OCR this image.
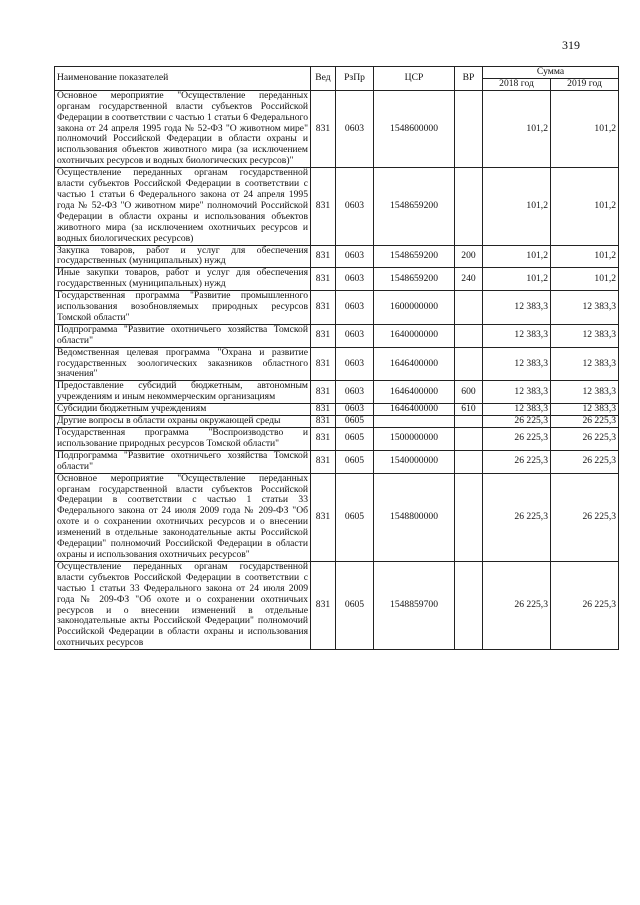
319
Наименование показателей	Вед	РзПр	ЦСР	ВР	Сумма	
					2018 год	2019 год
Основное мероприятие "Осуществление переданных органам государственной власти субъектов Российской Федерации в соответствии с частью 1 статьи 6 Федерального закона от 24 апреля 1995 года № 52-ФЗ "О животном мире" полномочий Российской Федерации в области охраны и использования объектов животного мира (за исключением охотничьих ресурсов и водных биологических ресурсов)"	831	0603	1548600000		101,2	101,2
Осуществление переданных органам государственной власти субъектов Российской Федерации в соответствии с частью 1 статьи 6 Федерального закона от 24 апреля 1995 года № 52-ФЗ "О животном мире" полномочий Российской Федерации в области охраны и использования объектов животного мира (за исключением охотничьих ресурсов и водных биологических ресурсов)	831	0603	1548659200		101,2	101,2
Закупка товаров, работ и услуг для обеспечения государственных (муниципальных) нужд	831	0603	1548659200	200	101,2	101,2
Иные закупки товаров, работ и услуг для обеспечения государственных (муниципальных) нужд	831	0603	1548659200	240	101,2	101,2
Государственная программа "Развитие промышленного использования возобновляемых природных ресурсов Томской области"	831	0603	1600000000		12 383,3	12 383,3
Подпрограмма "Развитие охотничьего хозяйства Томской области"	831	0603	1640000000		12 383,3	12 383,3
Ведомственная целевая программа "Охрана и развитие государственных зоологических заказников областного значения"	831	0603	1646400000		12 383,3	12 383,3
Предоставление субсидий бюджетным, автономным учреждениям и иным некоммерческим организациям	831	0603	1646400000	600	12 383,3	12 383,3
Субсидии бюджетным учреждениям	831	0603	1646400000	610	12 383,3	12 383,3
Другие вопросы в области охраны окружающей среды	831	0605			26 225,3	26 225,3
Государственная программа "Воспроизводство и использование природных ресурсов Томской области"	831	0605	1500000000		26 225,3	26 225,3
Подпрограмма "Развитие охотничьего хозяйства Томской области"	831	0605	1540000000		26 225,3	26 225,3
Основное мероприятие "Осуществление переданных органам государственной власти субъектов Российской Федерации в соответствии с частью 1 статьи 33 Федерального закона от 24 июля 2009 года № 209-ФЗ "Об охоте и о сохранении охотничьих ресурсов и о внесении изменений в отдельные законодательные акты Российской Федерации" полномочий Российской Федерации в области охраны и использования охотничьих ресурсов"	831	0605	1548800000		26 225,3	26 225,3
Осуществление переданных органам государственной власти субъектов Российской Федерации в соответствии с частью 1 статьи 33 Федерального закона от 24 июля 2009 года № 209-ФЗ "Об охоте и о сохранении охотничьих ресурсов и о внесении изменений в отдельные законодательные акты Российской Федерации" полномочий Российской Федерации в области охраны и использования охотничьих ресурсов	831	0605	1548859700		26 225,3	26 225,3
